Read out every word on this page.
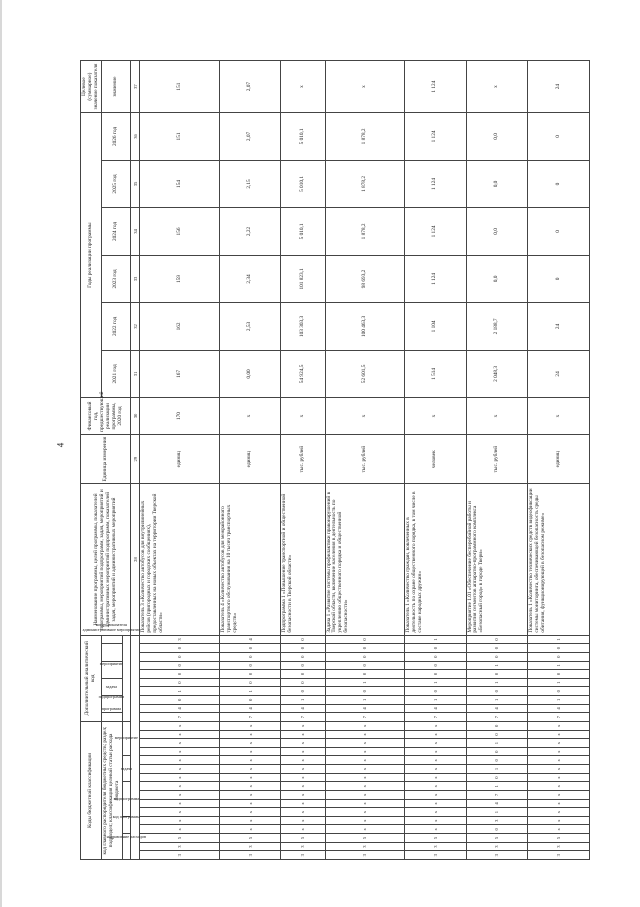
4
Коды бюджетной классификации																Дополнительный аналитический код										Наименование программы, целей программы, показателей программы, мероприятий подпрограмм, задач, мероприятий и административных мероприятий подпрограмм, показателей задач, мероприятий и административных мероприятий	Единица измерения	Финансовый год, предшествующий реализации программы, 2020 год	Годы реализации программы						Целевое (суммарное) значение показателя
код главного распорядителя бюджетных средств; раздел; подраздел; классификация целевой статьи расхода бюджета																программа	подпрограмма		задача		мероприятие		административное мероприятие		номер показателя				2021 год	2022 год	2023 год	2024 год	2025 год	2026 год	значение
направление расходов			код программы		подпрограмма				задача			мероприятие																							
																										28	29	30	31	32	33	34	35	36	37
3	3	5	х	х	х	х	х	х	х	х	х	х	х	х	х	7	4	0	1	0	0	0	0	0	3	Показатель 3 «Количество автобусов для внутрилинейных рейсов (пригородных и городских сообщениях), предоставленных на новых объектах на территории Тверской области»	единиц	170	167	162	159	156	154	151	151
3	3	5	х	х	х	х	х	х	х	х	х	х	х	х	х	7	4	0	1	0	0	0	0	0	4	Показатель 4 «Количество автобусов для межрайонного транспортного обслуживания на 10 тысяч транспортных средств»	единиц	х	0,00	2,53	2,34	2,22	2,15	2,07	2,07
3	3	5	х	х	х	х	х	х	х	х	х	х	х	х	х	7	4	1	0	0	0	0	0	0	0	Подпрограмма 1 «Повышение транспортной и общественной безопасности в Тверской области»	тыс. рублей	х	54 924,5	103 303,3	101 823,1	5 010,1	5 010,1	5 010,1	х
3	3	5	х	х	х	х	х	х	х	х	х	х	х	х	х	7	4	1	0	1	0	0	0	0	0	Задача 1 «Развитие системы профилактики правонарушений в Тверской области, включение населения в деятельность по укреплению общественного порядка и общественной безопасности»	тыс. рублей	х	52 601,5	100 463,3	98 693,2	1 878,2	1 878,2	1 878,2	х
3	3	5	х	х	х	х	х	х	х	х	х	х	х	х	х	7	4	1	0	1	0	0	0	0	1	Показатель 1 «Количество граждан, вовлеченных в деятельность по охране общественного порядка, в том числе в составе народных дружин»	человек	х	1 514	1 104	1 124	1 124	1 124	1 124	1 124
3	3	5	0	3	1	4	7	1	0	1	0	0	1	0	0	7	4	1	0	1	0	1	0	0	0	Мероприятие 1.01 «Обеспечение бесперебойной работы и развития сегментов аппаратно-программного комплекса «Безопасный город» в городе Твери»	тыс. рублей	х	2 048,3	2 188,7	0,0	0,0	0,0	0,0	х
3	3	5	х	х	х	х	х	х	х	х	х	х	х	х	х	7	4	1	0	1	0	1	0	0	1	Показатель 1 «Количество технических средств видеофиксации системы мониторинга, обеспечивающей безопасность среды обитания, функционирующей в безопасном режиме»	единиц	х	24	24	0	0	0	0	24
